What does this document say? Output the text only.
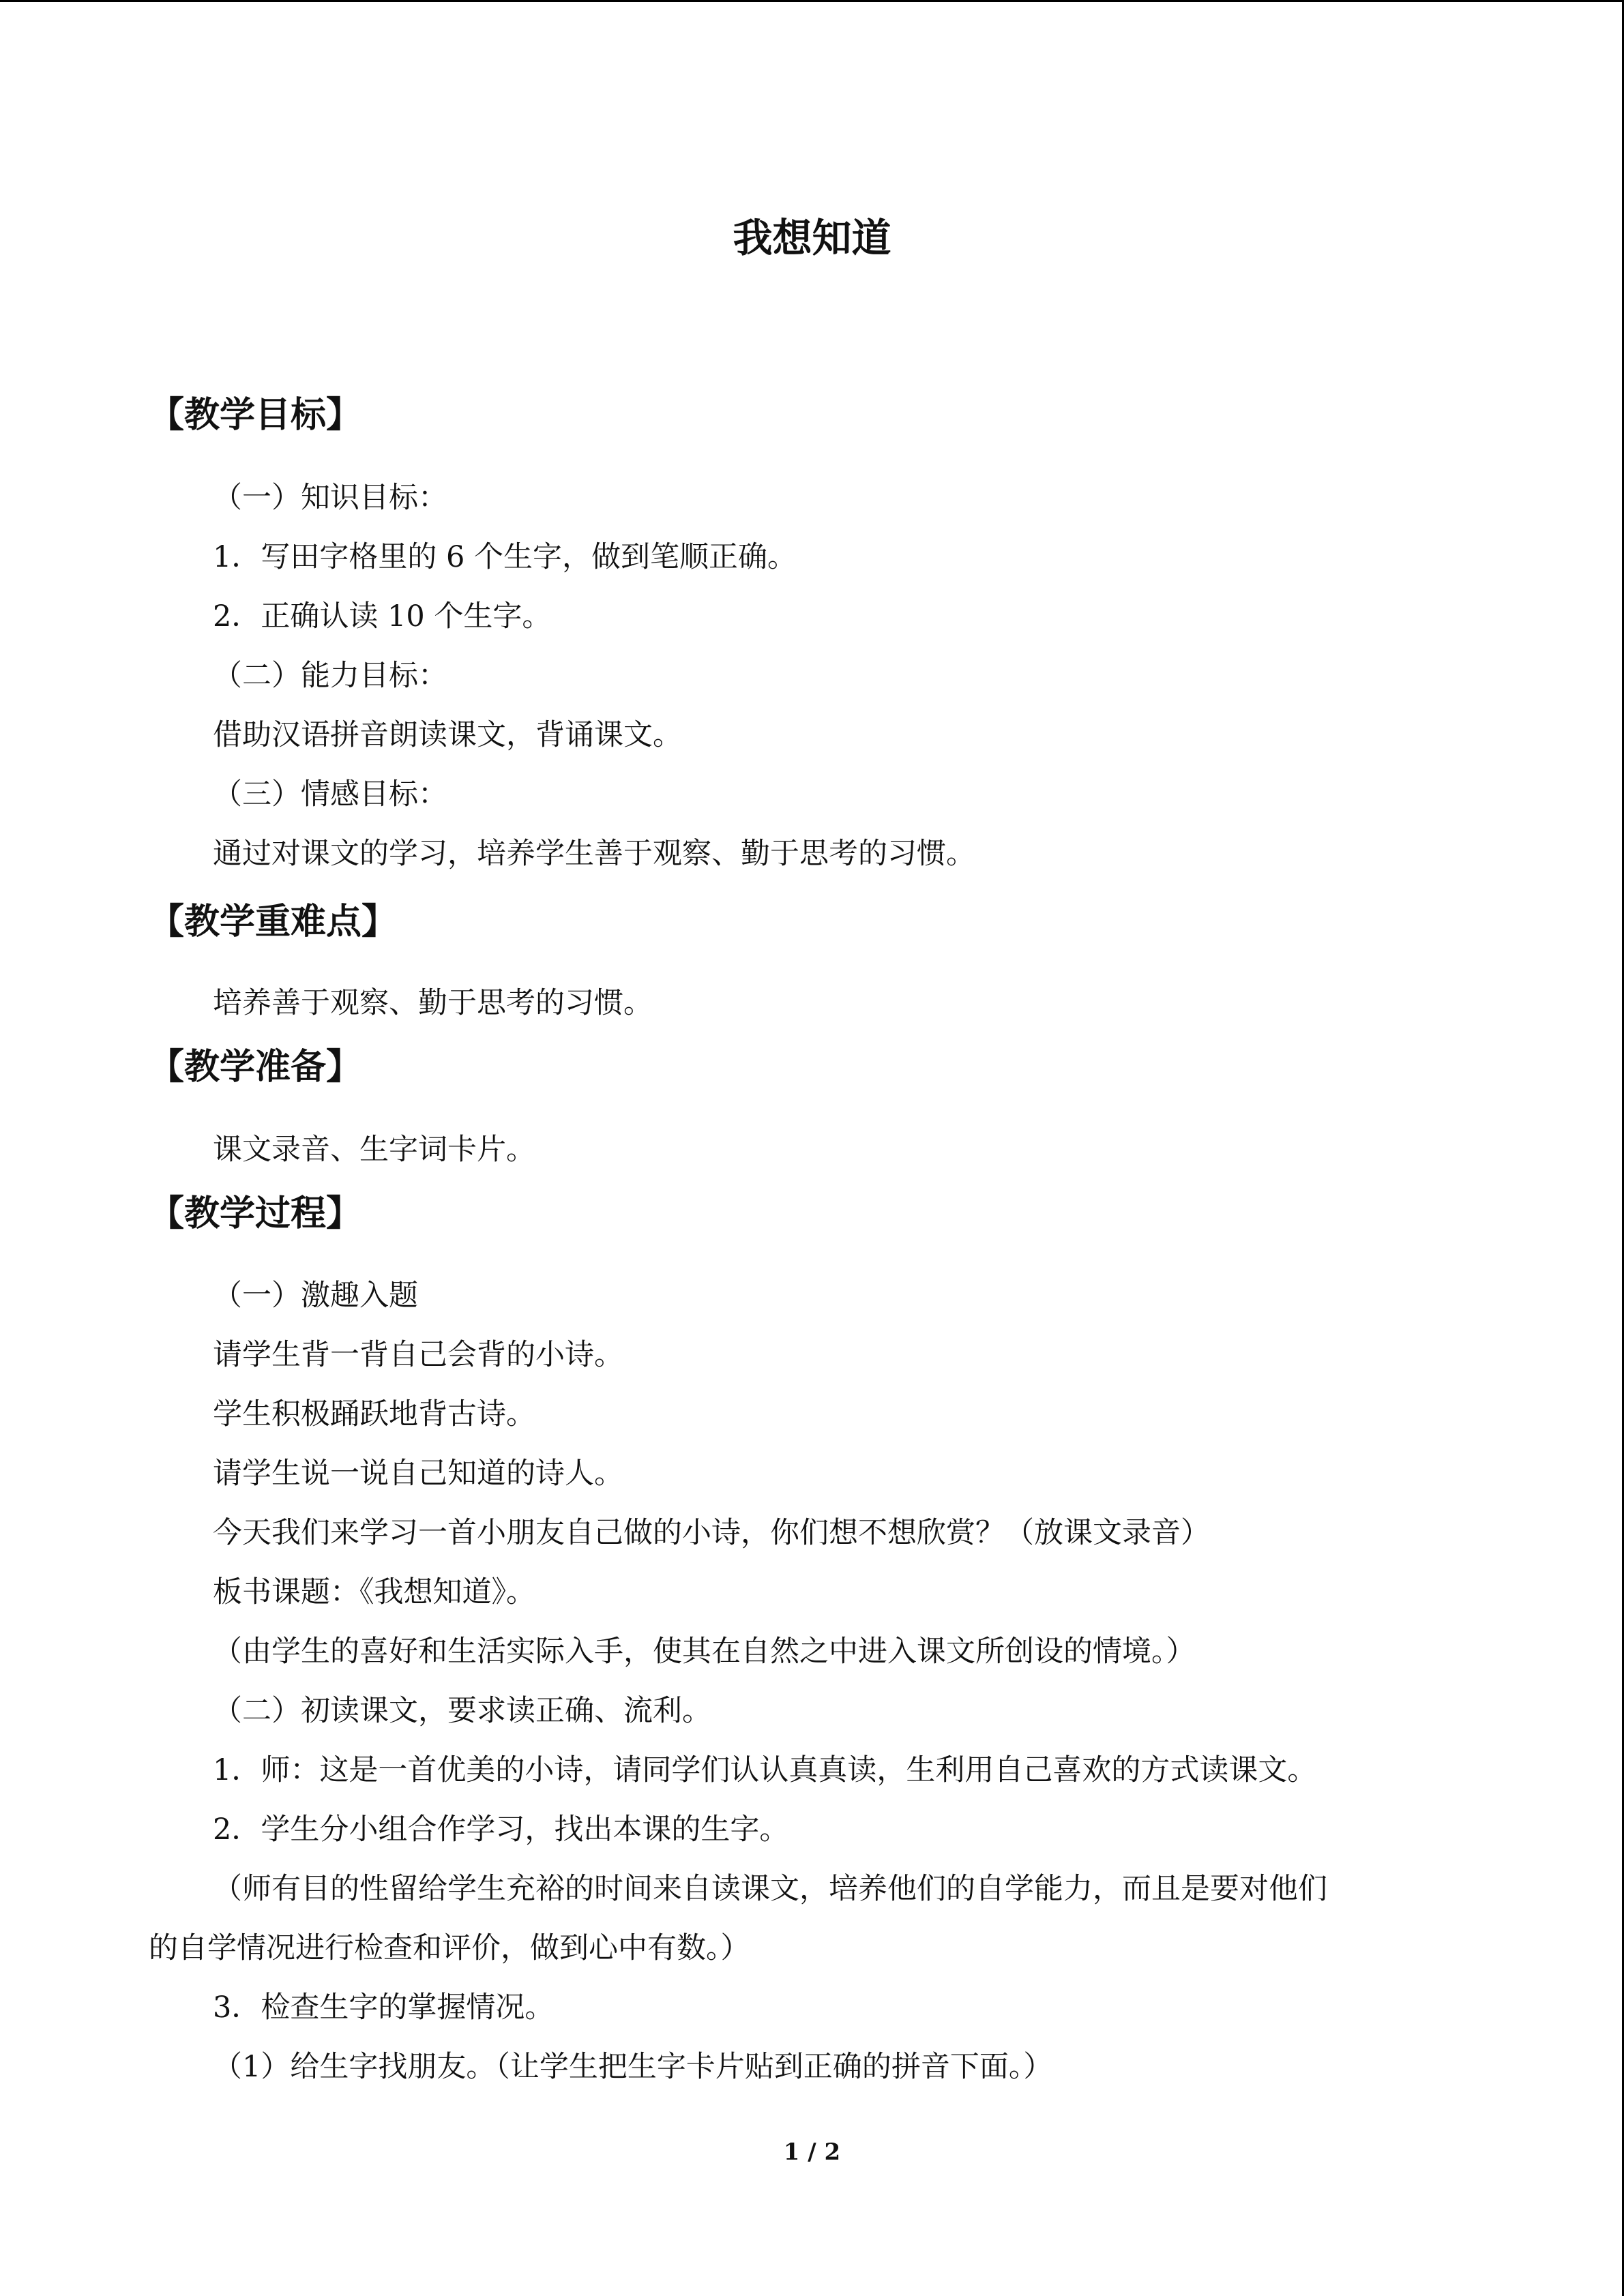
我想知道
【教学目标】
（一）知识目标：
1．写田字格里的 6 个生字，做到笔顺正确。
2．正确认读 10 个生字。
（二）能力目标：
借助汉语拼音朗读课文，背诵课文。
（三）情感目标：
通过对课文的学习，培养学生善于观察、勤于思考的习惯。
【教学重难点】
培养善于观察、勤于思考的习惯。
【教学准备】
课文录音、生字词卡片。
【教学过程】
（一）激趣入题
请学生背一背自己会背的小诗。
学生积极踊跃地背古诗。
请学生说一说自己知道的诗人。
今天我们来学习一首小朋友自己做的小诗，你们想不想欣赏？（放课文录音）
板书课题：《我想知道》。
（由学生的喜好和生活实际入手，使其在自然之中进入课文所创设的情境。）
（二）初读课文，要求读正确、流利。
1．师：这是一首优美的小诗，请同学们认认真真读，生利用自己喜欢的方式读课文。
2．学生分小组合作学习，找出本课的生字。
（师有目的性留给学生充裕的时间来自读课文，培养他们的自学能力，而且是要对他们
的自学情况进行检查和评价，做到心中有数。）
3．检查生字的掌握情况。
（1）给生字找朋友。（让学生把生字卡片贴到正确的拼音下面。）
1 / 2
